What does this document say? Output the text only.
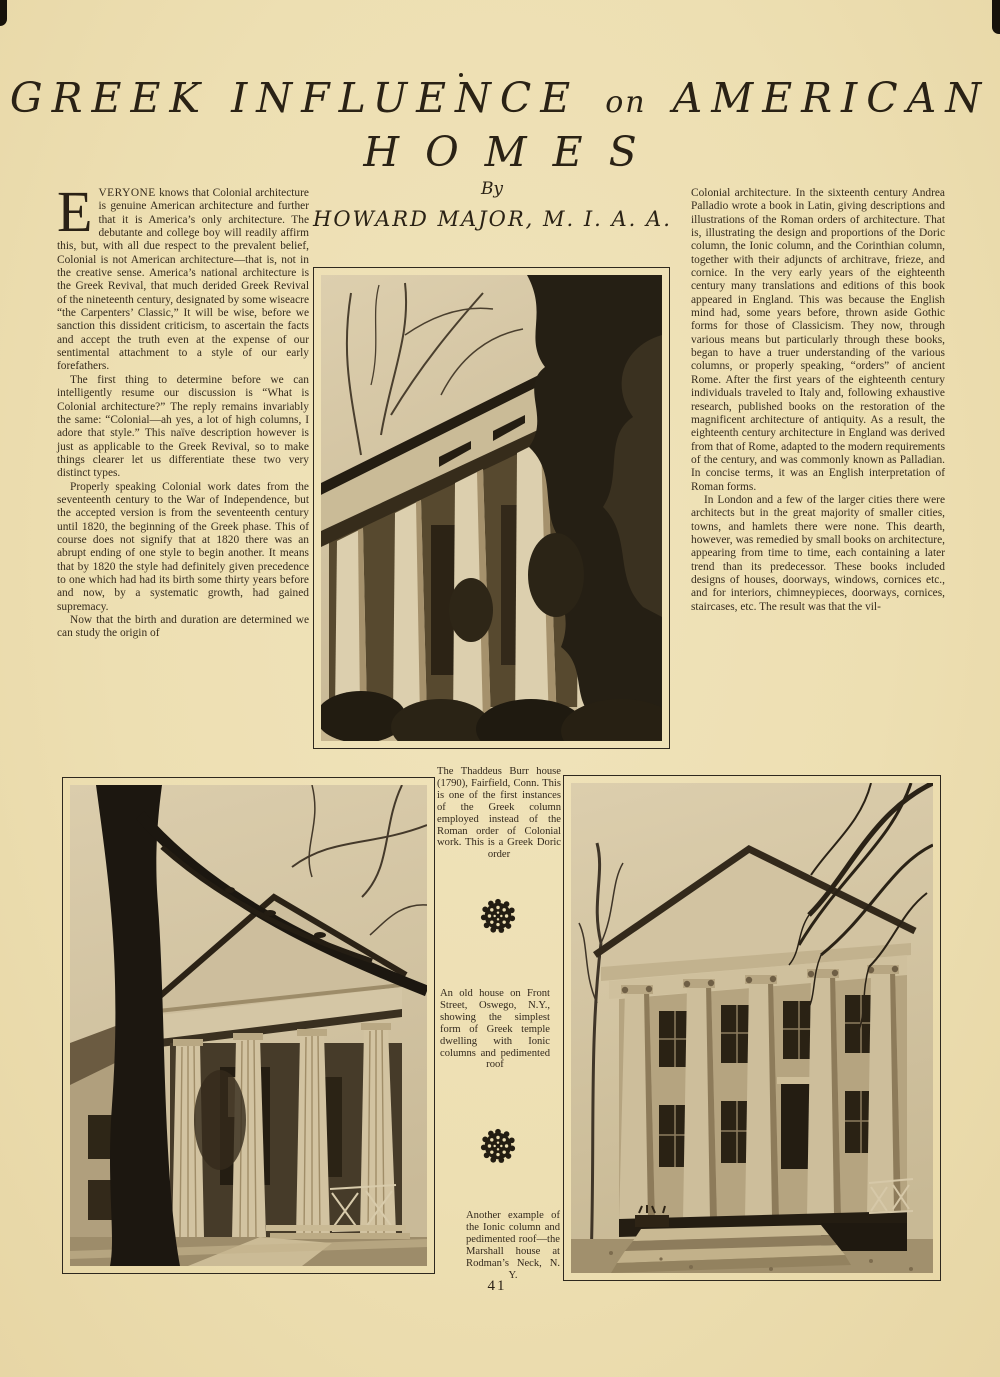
GREEK INFLUENCE on AMERICAN
HOMES
By
HOWARD MAJOR, M. I. A. A.

EVERYONE knows that Colonial architecture is genuine American architecture and further that it is America’s only architecture. The debutante and college boy will readily affirm this, but, with all due respect to the prevalent belief, Colonial is not American architecture—that is, not in the creative sense. America’s national architecture is the Greek Revival, that much derided Greek Revival of the nineteenth century, designated by some wiseacre “the Carpenters’ Classic,” It will be wise, before we sanction this dissident criticism, to ascertain the facts and accept the truth even at the expense of our sentimental attachment to a style of our early forefathers.

The first thing to determine before we can intelligently resume our discussion is “What is Colonial architecture?” The reply remains invariably the same: “Colonial—ah yes, a lot of high columns, I adore that style.” This naïve description however is just as applicable to the Greek Revival, so to make things clearer let us differentiate these two very distinct types.

Properly speaking Colonial work dates from the seventeenth century to the War of Independence, but the accepted version is from the seventeenth century until 1820, the beginning of the Greek phase. This of course does not signify that at 1820 there was an abrupt ending of one style to begin another. It means that by 1820 the style had definitely given precedence to one which had had its birth some thirty years before and now, by a systematic growth, had gained supremacy.

Now that the birth and duration are determined we can study the origin of

Colonial architecture. In the sixteenth century Andrea Palladio wrote a book in Latin, giving descriptions and illustrations of the Roman orders of architecture. That is, illustrating the design and proportions of the Doric column, the Ionic column, and the Corinthian column, together with their adjuncts of architrave, frieze, and cornice. In the very early years of the eighteenth century many translations and editions of this book appeared in England. This was because the English mind had, some years before, thrown aside Gothic forms for those of Classicism. They now, through various means but particularly through these books, began to have a truer understanding of the various columns, or properly speaking, “orders” of ancient Rome. After the first years of the eighteenth century individuals traveled to Italy and, following exhaustive research, published books on the restoration of the magnificent architecture of antiquity. As a result, the eighteenth century architecture in England was derived from that of Rome, adapted to the modern requirements of the century, and was commonly known as Palladian. In concise terms, it was an English interpretation of Roman forms.

In London and a few of the larger cities there were architects but in the great majority of smaller cities, towns, and hamlets there were none. This dearth, however, was remedied by small books on architecture, appearing from time to time, each containing a later trend than its predecessor. These books included designs of houses, doorways, windows, cornices etc., and for interiors, chimneypieces, doorways, cornices, staircases, etc. The result was that the vil-

The Thaddeus Burr house (1790), Fairfield, Conn. This is one of the first instances of the Greek column employed instead of the Roman order of Colonial work. This is a Greek Doric order
An old house on Front Street, Oswego, N.Y., showing the simplest form of Greek temple dwelling with Ionic columns and pedimented roof
Another example of the Ionic column and pedimented roof—the Marshall house at Rodman’s Neck, N. Y.
41
